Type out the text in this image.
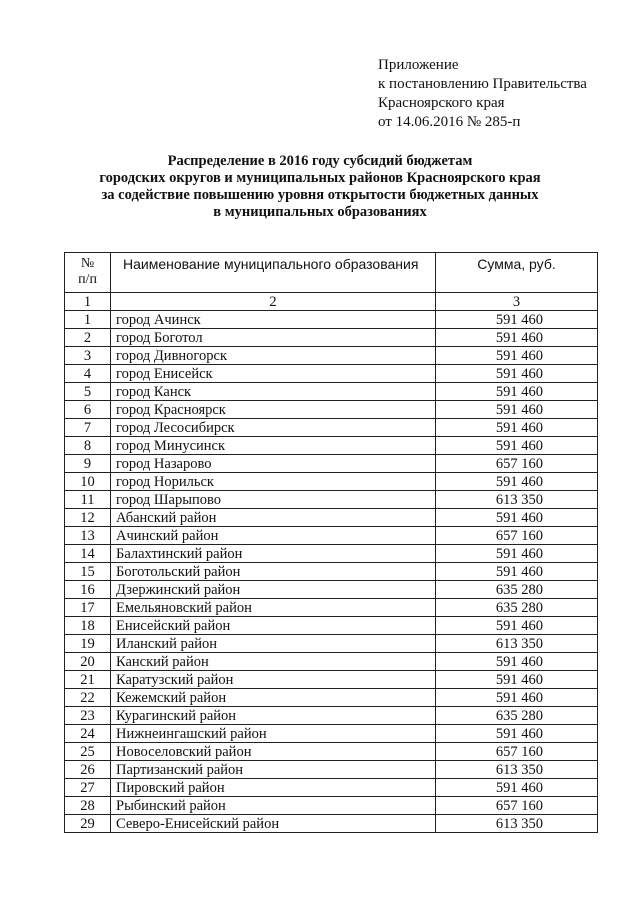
Приложение
к постановлению Правительства
Красноярского края
от 14.06.2016 № 285-п
Распределение в 2016 году субсидий бюджетам
городских округов и муниципальных районов Красноярского края
за содействие повышению уровня открытости бюджетных данных
в муниципальных образованиях
№
п/п	Наименование муниципального образования	Сумма, руб.
1	2	3
1	город Ачинск	591 460
2	город Боготол	591 460
3	город Дивногорск	591 460
4	город Енисейск	591 460
5	город Канск	591 460
6	город Красноярск	591 460
7	город Лесосибирск	591 460
8	город Минусинск	591 460
9	город Назарово	657 160
10	город Норильск	591 460
11	город Шарыпово	613 350
12	Абанский район	591 460
13	Ачинский район	657 160
14	Балахтинский район	591 460
15	Боготольский район	591 460
16	Дзержинский район	635 280
17	Емельяновский район	635 280
18	Енисейский район	591 460
19	Иланский район	613 350
20	Канский район	591 460
21	Каратузский район	591 460
22	Кежемский район	591 460
23	Курагинский район	635 280
24	Нижнеингашский район	591 460
25	Новоселовский район	657 160
26	Партизанский район	613 350
27	Пировский район	591 460
28	Рыбинский район	657 160
29	Северо-Енисейский район	613 350
